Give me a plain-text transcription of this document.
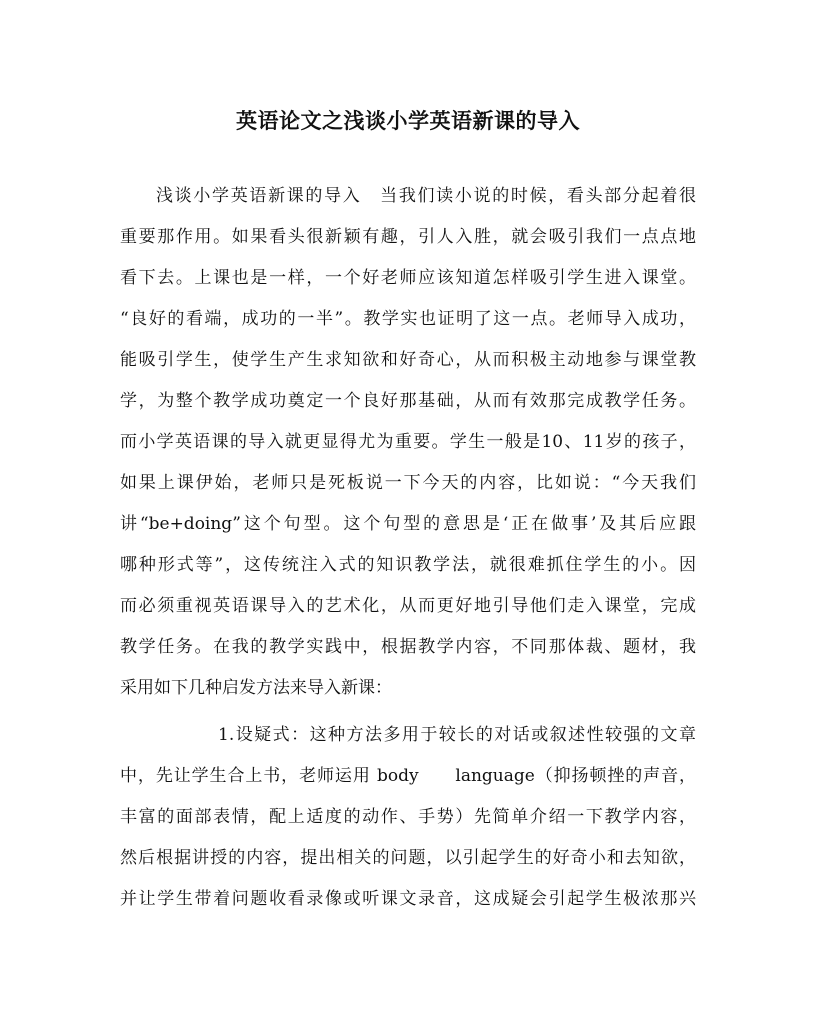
英语论文之浅谈小学英语新课的导入

浅谈小学英语新课的导入　当我们读小说的时候，看头部分起着很

重要那作用。如果看头很新颖有趣，引人入胜，就会吸引我们一点点地

看下去。上课也是一样，一个好老师应该知道怎样吸引学生进入课堂。

“良好的看端，成功的一半”。教学实也证明了这一点。老师导入成功，

能吸引学生，使学生产生求知欲和好奇心，从而积极主动地参与课堂教

学，为整个教学成功奠定一个良好那基础，从而有效那完成教学任务。

而小学英语课的导入就更显得尤为重要。学生一般是10、11岁的孩子，

如果上课伊始，老师只是死板说一下今天的内容，比如说：“今天我们

讲“be+doing”这个句型。这个句型的意思是‘正在做事’及其后应跟

哪种形式等”，这传统注入式的知识教学法，就很难抓住学生的小。因

而必须重视英语课导入的艺术化，从而更好地引导他们走入课堂，完成

教学任务。在我的教学实践中，根据教学内容，不同那体裁、题材，我

采用如下几种启发方法来导入新课：

1.设疑式：这种方法多用于较长的对话或叙述性较强的文章

中，先让学生合上书，老师运用 body　　language（抑扬顿挫的声音，

丰富的面部表情，配上适度的动作、手势）先简单介绍一下教学内容，

然后根据讲授的内容，提出相关的问题，以引起学生的好奇小和去知欲，

并让学生带着问题收看录像或听课文录音，这成疑会引起学生极浓那兴
